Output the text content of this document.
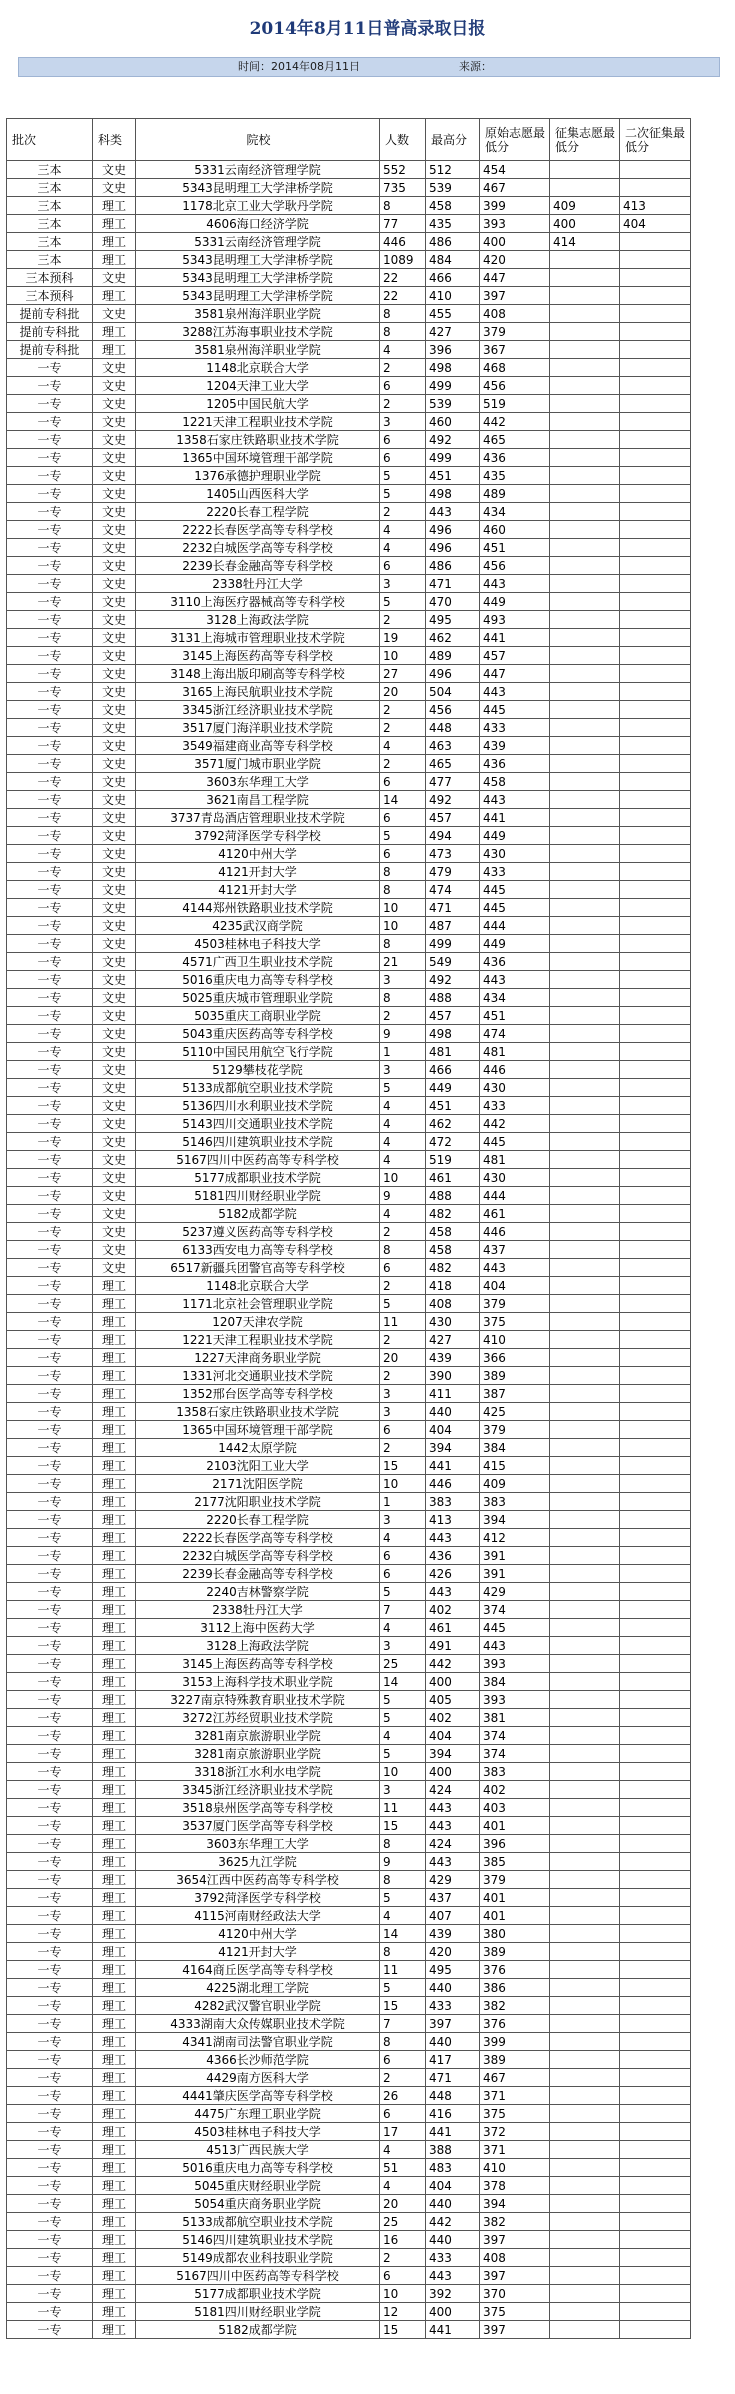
2014年8月11日普高录取日报
时间：2014年08月11日	来源：
批次	科类	院校	人数	最高分	原始志愿最低分	征集志愿最低分	二次征集最低分
三本	文史	5331云南经济管理学院	552	512	454		
三本	文史	5343昆明理工大学津桥学院	735	539	467		
三本	理工	1178北京工业大学耿丹学院	8	458	399	409	413
三本	理工	4606海口经济学院	77	435	393	400	404
三本	理工	5331云南经济管理学院	446	486	400	414	
三本	理工	5343昆明理工大学津桥学院	1089	484	420		
三本预科	文史	5343昆明理工大学津桥学院	22	466	447		
三本预科	理工	5343昆明理工大学津桥学院	22	410	397		
提前专科批	文史	3581泉州海洋职业学院	8	455	408		
提前专科批	理工	3288江苏海事职业技术学院	8	427	379		
提前专科批	理工	3581泉州海洋职业学院	4	396	367		
一专	文史	1148北京联合大学	2	498	468		
一专	文史	1204天津工业大学	6	499	456		
一专	文史	1205中国民航大学	2	539	519		
一专	文史	1221天津工程职业技术学院	3	460	442		
一专	文史	1358石家庄铁路职业技术学院	6	492	465		
一专	文史	1365中国环境管理干部学院	6	499	436		
一专	文史	1376承德护理职业学院	5	451	435		
一专	文史	1405山西医科大学	5	498	489		
一专	文史	2220长春工程学院	2	443	434		
一专	文史	2222长春医学高等专科学校	4	496	460		
一专	文史	2232白城医学高等专科学校	4	496	451		
一专	文史	2239长春金融高等专科学校	6	486	456		
一专	文史	2338牡丹江大学	3	471	443		
一专	文史	3110上海医疗器械高等专科学校	5	470	449		
一专	文史	3128上海政法学院	2	495	493		
一专	文史	3131上海城市管理职业技术学院	19	462	441		
一专	文史	3145上海医药高等专科学校	10	489	457		
一专	文史	3148上海出版印刷高等专科学校	27	496	447		
一专	文史	3165上海民航职业技术学院	20	504	443		
一专	文史	3345浙江经济职业技术学院	2	456	445		
一专	文史	3517厦门海洋职业技术学院	2	448	433		
一专	文史	3549福建商业高等专科学校	4	463	439		
一专	文史	3571厦门城市职业学院	2	465	436		
一专	文史	3603东华理工大学	6	477	458		
一专	文史	3621南昌工程学院	14	492	443		
一专	文史	3737青岛酒店管理职业技术学院	6	457	441		
一专	文史	3792菏泽医学专科学校	5	494	449		
一专	文史	4120中州大学	6	473	430		
一专	文史	4121开封大学	8	479	433		
一专	文史	4121开封大学	8	474	445		
一专	文史	4144郑州铁路职业技术学院	10	471	445		
一专	文史	4235武汉商学院	10	487	444		
一专	文史	4503桂林电子科技大学	8	499	449		
一专	文史	4571广西卫生职业技术学院	21	549	436		
一专	文史	5016重庆电力高等专科学校	3	492	443		
一专	文史	5025重庆城市管理职业学院	8	488	434		
一专	文史	5035重庆工商职业学院	2	457	451		
一专	文史	5043重庆医药高等专科学校	9	498	474		
一专	文史	5110中国民用航空飞行学院	1	481	481		
一专	文史	5129攀枝花学院	3	466	446		
一专	文史	5133成都航空职业技术学院	5	449	430		
一专	文史	5136四川水利职业技术学院	4	451	433		
一专	文史	5143四川交通职业技术学院	4	462	442		
一专	文史	5146四川建筑职业技术学院	4	472	445		
一专	文史	5167四川中医药高等专科学校	4	519	481		
一专	文史	5177成都职业技术学院	10	461	430		
一专	文史	5181四川财经职业学院	9	488	444		
一专	文史	5182成都学院	4	482	461		
一专	文史	5237遵义医药高等专科学校	2	458	446		
一专	文史	6133西安电力高等专科学校	8	458	437		
一专	文史	6517新疆兵团警官高等专科学校	6	482	443		
一专	理工	1148北京联合大学	2	418	404		
一专	理工	1171北京社会管理职业学院	5	408	379		
一专	理工	1207天津农学院	11	430	375		
一专	理工	1221天津工程职业技术学院	2	427	410		
一专	理工	1227天津商务职业学院	20	439	366		
一专	理工	1331河北交通职业技术学院	2	390	389		
一专	理工	1352邢台医学高等专科学校	3	411	387		
一专	理工	1358石家庄铁路职业技术学院	3	440	425		
一专	理工	1365中国环境管理干部学院	6	404	379		
一专	理工	1442太原学院	2	394	384		
一专	理工	2103沈阳工业大学	15	441	415		
一专	理工	2171沈阳医学院	10	446	409		
一专	理工	2177沈阳职业技术学院	1	383	383		
一专	理工	2220长春工程学院	3	413	394		
一专	理工	2222长春医学高等专科学校	4	443	412		
一专	理工	2232白城医学高等专科学校	6	436	391		
一专	理工	2239长春金融高等专科学校	6	426	391		
一专	理工	2240吉林警察学院	5	443	429		
一专	理工	2338牡丹江大学	7	402	374		
一专	理工	3112上海中医药大学	4	461	445		
一专	理工	3128上海政法学院	3	491	443		
一专	理工	3145上海医药高等专科学校	25	442	393		
一专	理工	3153上海科学技术职业学院	14	400	384		
一专	理工	3227南京特殊教育职业技术学院	5	405	393		
一专	理工	3272江苏经贸职业技术学院	5	402	381		
一专	理工	3281南京旅游职业学院	4	404	374		
一专	理工	3281南京旅游职业学院	5	394	374		
一专	理工	3318浙江水利水电学院	10	400	383		
一专	理工	3345浙江经济职业技术学院	3	424	402		
一专	理工	3518泉州医学高等专科学校	11	443	403		
一专	理工	3537厦门医学高等专科学校	15	443	401		
一专	理工	3603东华理工大学	8	424	396		
一专	理工	3625九江学院	9	443	385		
一专	理工	3654江西中医药高等专科学校	8	429	379		
一专	理工	3792菏泽医学专科学校	5	437	401		
一专	理工	4115河南财经政法大学	4	407	401		
一专	理工	4120中州大学	14	439	380		
一专	理工	4121开封大学	8	420	389		
一专	理工	4164商丘医学高等专科学校	11	495	376		
一专	理工	4225湖北理工学院	5	440	386		
一专	理工	4282武汉警官职业学院	15	433	382		
一专	理工	4333湖南大众传媒职业技术学院	7	397	376		
一专	理工	4341湖南司法警官职业学院	8	440	399		
一专	理工	4366长沙师范学院	6	417	389		
一专	理工	4429南方医科大学	2	471	467		
一专	理工	4441肇庆医学高等专科学校	26	448	371		
一专	理工	4475广东理工职业学院	6	416	375		
一专	理工	4503桂林电子科技大学	17	441	372		
一专	理工	4513广西民族大学	4	388	371		
一专	理工	5016重庆电力高等专科学校	51	483	410		
一专	理工	5045重庆财经职业学院	4	404	378		
一专	理工	5054重庆商务职业学院	20	440	394		
一专	理工	5133成都航空职业技术学院	25	442	382		
一专	理工	5146四川建筑职业技术学院	16	440	397		
一专	理工	5149成都农业科技职业学院	2	433	408		
一专	理工	5167四川中医药高等专科学校	6	443	397		
一专	理工	5177成都职业技术学院	10	392	370		
一专	理工	5181四川财经职业学院	12	400	375		
一专	理工	5182成都学院	15	441	397		
